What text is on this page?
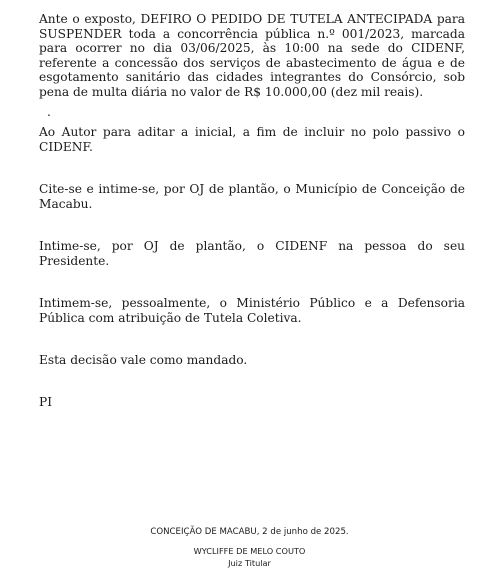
Ante o exposto, DEFIRO O PEDIDO DE TUTELA ANTECIPADA para SUSPENDER toda a concorrência pública n.º 001/2023, marcada para ocorrer no dia 03/06/2025, às 10:00 na sede do CIDENF, referente a concessão dos serviços de abastecimento de água e de esgotamento sanitário das cidades integrantes do Consórcio, sob pena de multa diária no valor de R$ 10.000,00 (dez mil reais).

.

Ao Autor para aditar a inicial, a fim de incluir no polo passivo o CIDENF.

Cite-se e intime-se, por OJ de plantão, o Município de Conceição de Macabu.

Intime-se, por OJ de plantão, o CIDENF na pessoa do seu Presidente.

Intimem-se, pessoalmente, o Ministério Público e a Defensoria Pública com atribuição de Tutela Coletiva.

Esta decisão vale como mandado.

PI

CONCEIÇÃO DE MACABU, 2 de junho de 2025.
WYCLIFFE DE MELO COUTO
Juiz Titular
